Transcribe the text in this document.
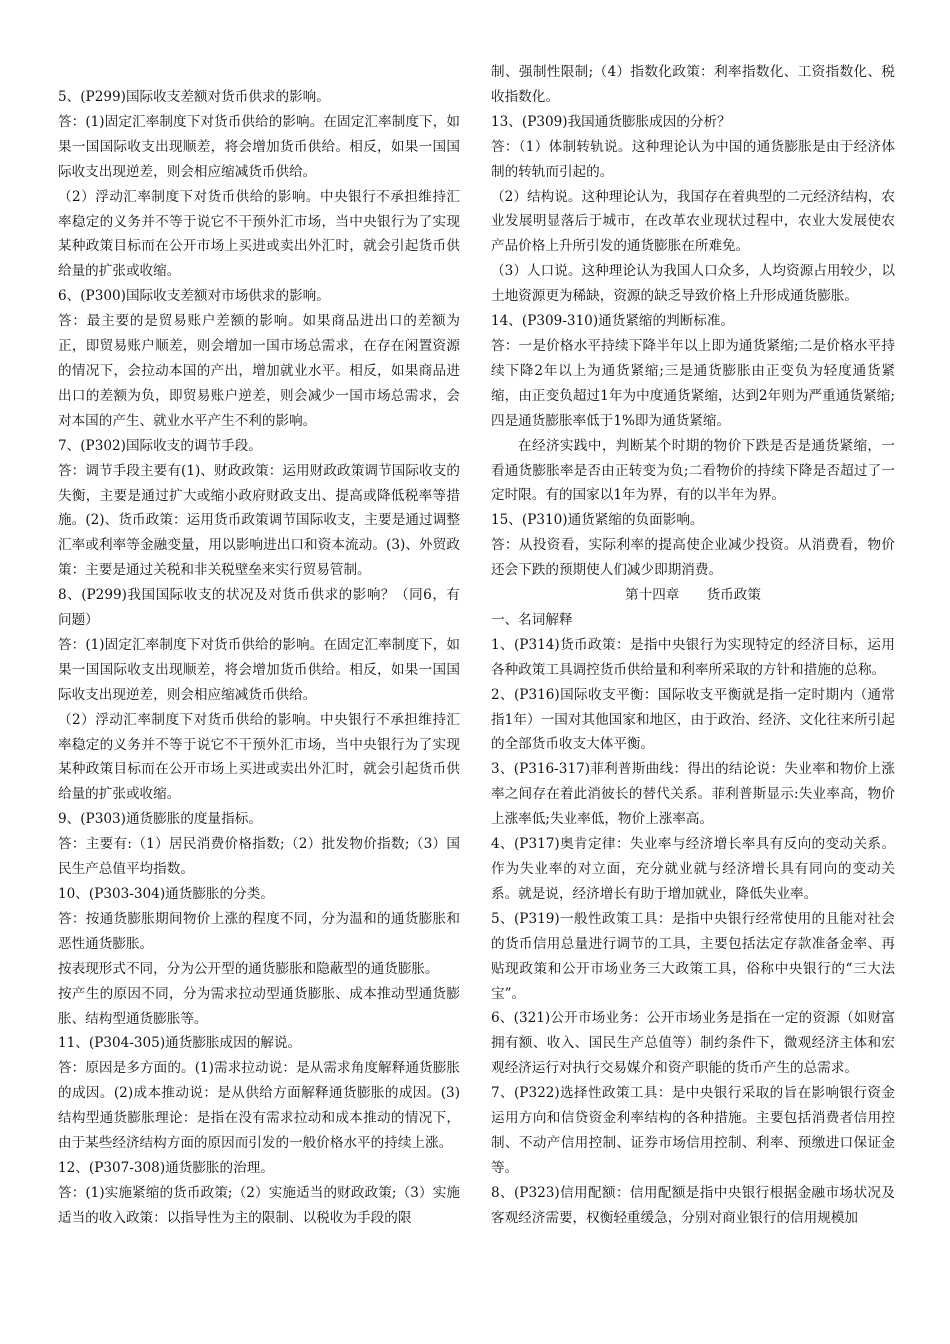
5、(P299)国际收支差额对货币供求的影响。

答：(1)固定汇率制度下对货币供给的影响。在固定汇率制度下，如果一国国际收支出现顺差，将会增加货币供给。相反，如果一国国际收支出现逆差，则会相应缩减货币供给。

（2）浮动汇率制度下对货币供给的影响。中央银行不承担维持汇率稳定的义务并不等于说它不干预外汇市场，当中央银行为了实现某种政策目标而在公开市场上买进或卖出外汇时，就会引起货币供给量的扩张或收缩。

6、(P300)国际收支差额对市场供求的影响。

答：最主要的是贸易账户差额的影响。如果商品进出口的差额为正，即贸易账户顺差，则会增加一国市场总需求，在存在闲置资源的情况下，会拉动本国的产出，增加就业水平。相反，如果商品进出口的差额为负，即贸易账户逆差，则会减少一国市场总需求，会对本国的产生、就业水平产生不利的影响。

7、(P302)国际收支的调节手段。

答：调节手段主要有(1)、财政政策：运用财政政策调节国际收支的失衡，主要是通过扩大或缩小政府财政支出、提高或降低税率等措施。(2)、货币政策：运用货币政策调节国际收支，主要是通过调整汇率或利率等金融变量，用以影响进出口和资本流动。(3)、外贸政策：主要是通过关税和非关税壁垒来实行贸易管制。

8、(P299)我国国际收支的状况及对货币供求的影响？（同6，有问题）

答：(1)固定汇率制度下对货币供给的影响。在固定汇率制度下，如果一国国际收支出现顺差，将会增加货币供给。相反，如果一国国际收支出现逆差，则会相应缩减货币供给。

（2）浮动汇率制度下对货币供给的影响。中央银行不承担维持汇率稳定的义务并不等于说它不干预外汇市场，当中央银行为了实现某种政策目标而在公开市场上买进或卖出外汇时，就会引起货币供给量的扩张或收缩。

9、(P303)通货膨胀的度量指标。

答：主要有:（1）居民消费价格指数;（2）批发物价指数;（3）国民生产总值平均指数。

10、(P303-304)通货膨胀的分类。

答：按通货膨胀期间物价上涨的程度不同，分为温和的通货膨胀和恶性通货膨胀。

按表现形式不同，分为公开型的通货膨胀和隐蔽型的通货膨胀。

按产生的原因不同，分为需求拉动型通货膨胀、成本推动型通货膨胀、结构型通货膨胀等。

11、(P304-305)通货膨胀成因的解说。

答：原因是多方面的。(1)需求拉动说：是从需求角度解释通货膨胀的成因。(2)成本推动说：是从供给方面解释通货膨胀的成因。(3)结构型通货膨胀理论：是指在没有需求拉动和成本推动的情况下，由于某些经济结构方面的原因而引发的一般价格水平的持续上涨。

12、(P307-308)通货膨胀的治理。

答：(1)实施紧缩的货币政策;（2）实施适当的财政政策;（3）实施适当的收入政策：以指导性为主的限制、以税收为手段的限

制、强制性限制;（4）指数化政策：利率指数化、工资指数化、税收指数化。

13、(P309)我国通货膨胀成因的分析？

答：（1）体制转轨说。这种理论认为中国的通货膨胀是由于经济体制的转轨而引起的。

（2）结构说。这种理论认为，我国存在着典型的二元经济结构，农业发展明显落后于城市，在改革农业现状过程中，农业大发展使农产品价格上升所引发的通货膨胀在所难免。

（3）人口说。这种理论认为我国人口众多，人均资源占用较少，以土地资源更为稀缺，资源的缺乏导致价格上升形成通货膨胀。

14、(P309-310)通货紧缩的判断标准。

答：一是价格水平持续下降半年以上即为通货紧缩;二是价格水平持续下降2年以上为通货紧缩;三是通货膨胀由正变负为轻度通货紧缩，由正变负超过1年为中度通货紧缩，达到2年则为严重通货紧缩;四是通货膨胀率低于1%即为通货紧缩。

在经济实践中，判断某个时期的物价下跌是否是通货紧缩，一看通货膨胀率是否由正转变为负;二看物价的持续下降是否超过了一定时限。有的国家以1年为界，有的以半年为界。

15、(P310)通货紧缩的负面影响。

答：从投资看，实际利率的提高使企业减少投资。从消费看，物价还会下跌的预期使人们减少即期消费。

第十四章　　货币政策

一、名词解释

1、(P314)货币政策：是指中央银行为实现特定的经济目标，运用各种政策工具调控货币供给量和利率所采取的方针和措施的总称。

2、(P316)国际收支平衡：国际收支平衡就是指一定时期内（通常指1年）一国对其他国家和地区，由于政治、经济、文化往来所引起的全部货币收支大体平衡。

3、(P316-317)菲利普斯曲线：得出的结论说：失业率和物价上涨率之间存在着此消彼长的替代关系。菲利普斯显示:失业率高，物价上涨率低;失业率低，物价上涨率高。

4、(P317)奥肯定律：失业率与经济增长率具有反向的变动关系。作为失业率的对立面，充分就业就与经济增长具有同向的变动关系。就是说，经济增长有助于增加就业，降低失业率。

5、(P319)一般性政策工具：是指中央银行经常使用的且能对社会的货币信用总量进行调节的工具，主要包括法定存款准备金率、再贴现政策和公开市场业务三大政策工具，俗称中央银行的“三大法宝”。

6、(321)公开市场业务：公开市场业务是指在一定的资源（如财富拥有额、收入、国民生产总值等）制约条件下，微观经济主体和宏观经济运行对执行交易媒介和资产职能的货币产生的总需求。

7、(P322)选择性政策工具：是中央银行采取的旨在影响银行资金运用方向和信贷资金利率结构的各种措施。主要包括消费者信用控制、不动产信用控制、证券市场信用控制、利率、预缴进口保证金等。

8、(P323)信用配额：信用配额是指中央银行根据金融市场状况及客观经济需要，权衡轻重缓急，分别对商业银行的信用规模加
